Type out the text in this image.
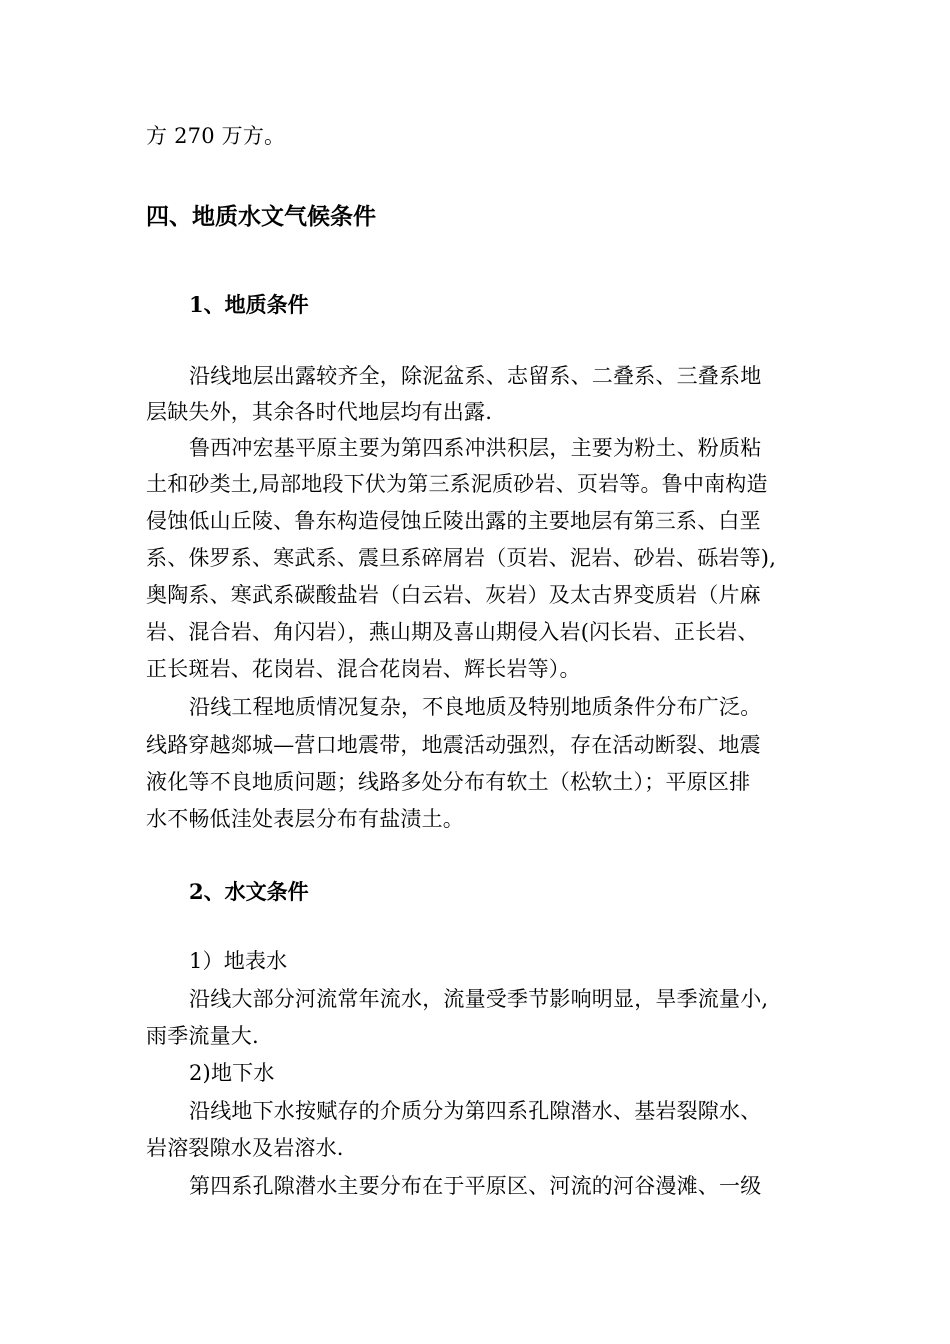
方 270 万方。
四、地质水文气候条件
1、地质条件
沿线地层出露较齐全，除泥盆系、志留系、二叠系、三叠系地
层缺失外，其余各时代地层均有出露.
鲁西冲宏基平原主要为第四系冲洪积层，主要为粉土、粉质粘
土和砂类土,局部地段下伏为第三系泥质砂岩、页岩等。鲁中南构造
侵蚀低山丘陵、鲁东构造侵蚀丘陵出露的主要地层有第三系、白垩
系、侏罗系、寒武系、震旦系碎屑岩（页岩、泥岩、砂岩、砾岩等),
奥陶系、寒武系碳酸盐岩（白云岩、灰岩）及太古界变质岩（片麻
岩、混合岩、角闪岩），燕山期及喜山期侵入岩(闪长岩、正长岩、
正长斑岩、花岗岩、混合花岗岩、辉长岩等）。
沿线工程地质情况复杂，不良地质及特别地质条件分布广泛。
线路穿越郯城—营口地震带，地震活动强烈，存在活动断裂、地震
液化等不良地质问题；线路多处分布有软土（松软土）；平原区排
水不畅低洼处表层分布有盐渍土。
2、水文条件
1）地表水
沿线大部分河流常年流水，流量受季节影响明显，旱季流量小,
雨季流量大.
2)地下水
沿线地下水按赋存的介质分为第四系孔隙潜水、基岩裂隙水、
岩溶裂隙水及岩溶水.
第四系孔隙潜水主要分布在于平原区、河流的河谷漫滩、一级
